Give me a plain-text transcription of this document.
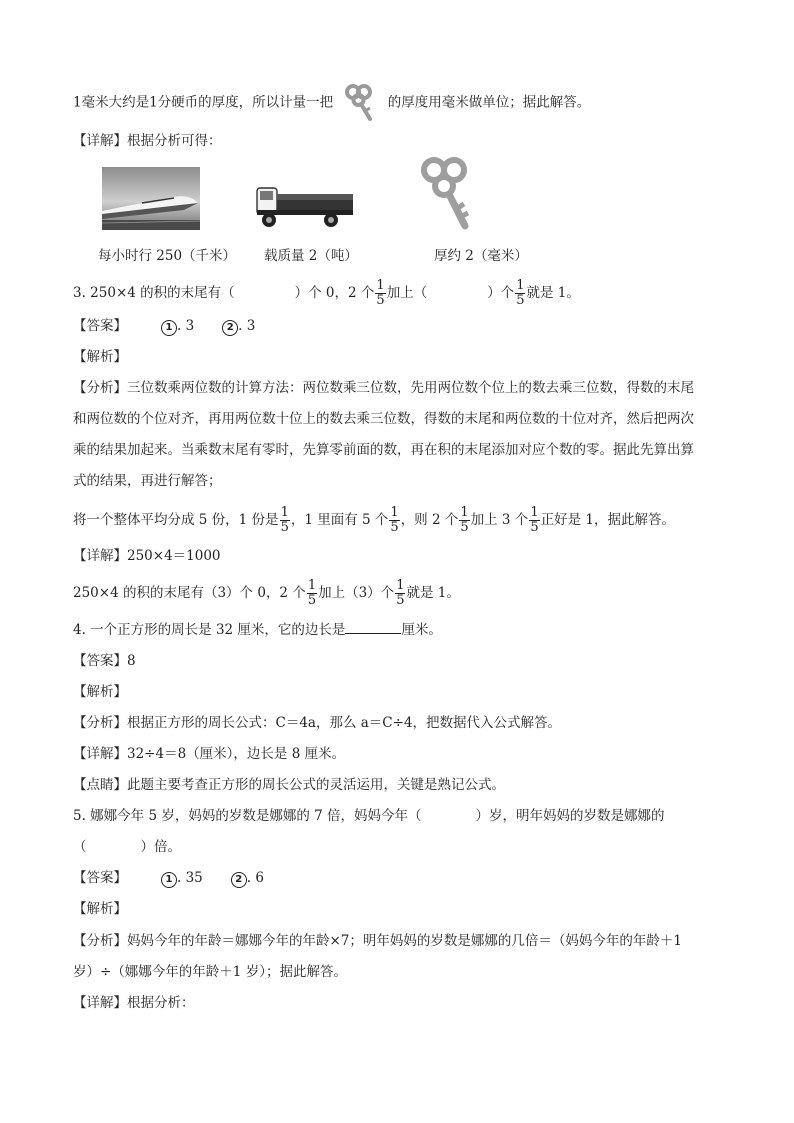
1毫米大约是1分硬币的厚度，所以计量一把	的厚度用毫米做单位；据此解答。
【详解】根据分析可得：
每小时行 250（千米） 载质量 2（吨）	厚约 2（毫米）
3. 250×4 的积的末尾有（	）个 0，2 个 $\frac{1}{5}$ 加上（	）个 $\frac{1}{5}$ 就是 1。
【答案】	1 . 3	2 . 3
【解析】
【分析】三位数乘两位数的计算方法：两位数乘三位数，先用两位数个位上的数去乘三位数，得数的末尾
和两位数的个位对齐，再用两位数十位上的数去乘三位数，得数的末尾和两位数的十位对齐，然后把两次
乘的结果加起来。当乘数末尾有零时，先算零前面的数，再在积的末尾添加对应个数的零。据此先算出算
式的结果，再进行解答；
将一个整体平均分成 5 份，1 份是 $\frac{1}{5}$ ，1 里面有 5 个 $\frac{1}{5}$ ，则 2 个 $\frac{1}{5}$ 加上 3 个 $\frac{1}{5}$ 正好是 1，据此解答。
【详解】250×4＝1000
250×4 的积的末尾有（3）个 0，2 个 $\frac{1}{5}$ 加上（3）个 $\frac{1}{5}$ 就是 1。
4. 一个正方形的周长是 32 厘米，它的边长是	厘米。
【答案】8
【解析】
【分析】根据正方形的周长公式：C＝4a，那么 a＝C÷4，把数据代入公式解答。
【详解】32÷4＝8（厘米），边长是 8 厘米。
【点睛】此题主要考查正方形的周长公式的灵活运用，关键是熟记公式。
5. 娜娜今年 5 岁，妈妈的岁数是娜娜的 7 倍，妈妈今年（　　　　）岁，明年妈妈的岁数是娜娜的
（　　　　）倍。
【答案】	1 . 35	2 . 6
【解析】
【分析】妈妈今年的年龄＝娜娜今年的年龄×7；明年妈妈的岁数是娜娜的几倍＝（妈妈今年的年龄＋1
岁）÷（娜娜今年的年龄＋1 岁）；据此解答。
【详解】根据分析：
